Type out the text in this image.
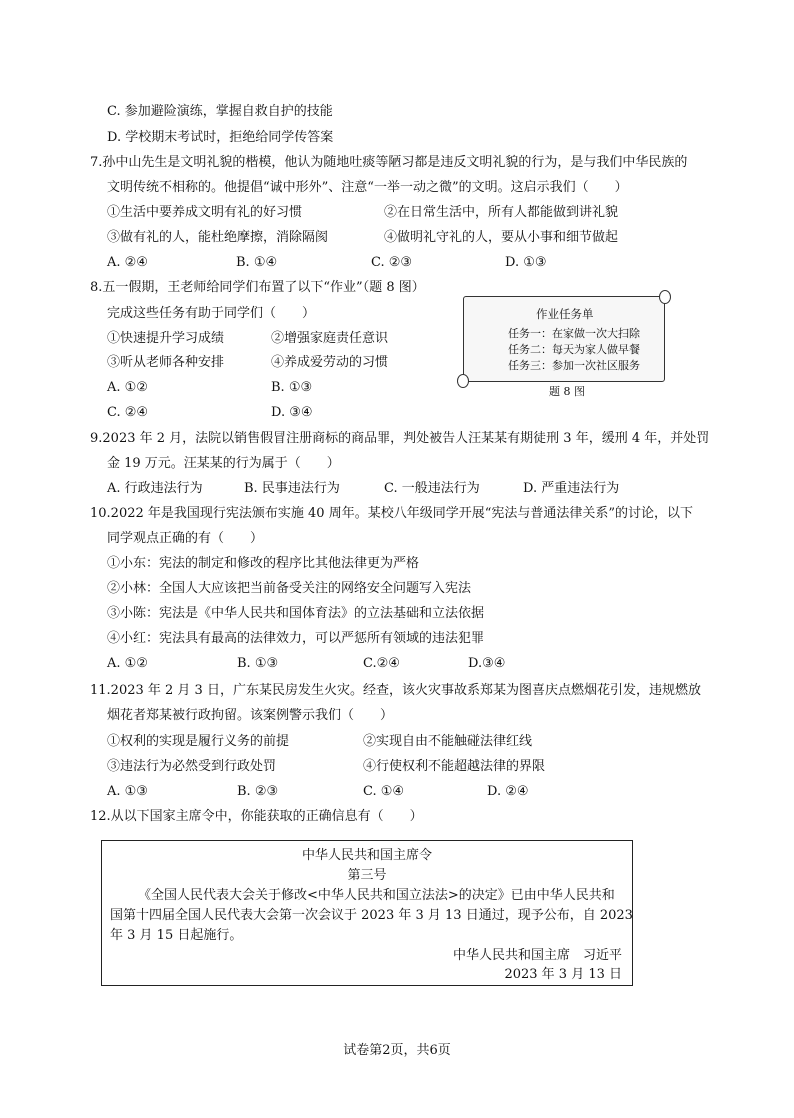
C. 参加避险演练，掌握自救自护的技能
D. 学校期末考试时，拒绝给同学传答案
7.孙中山先生是文明礼貌的楷模，他认为随地吐痰等陋习都是违反文明礼貌的行为，是与我们中华民族的
文明传统不相称的。他提倡“诚中形外”、注意“一举一动之微”的文明。这启示我们（　　）
①生活中要养成文明有礼的好习惯	②在日常生活中，所有人都能做到讲礼貌
③做有礼的人，能杜绝摩擦，消除隔阂	④做明礼守礼的人，要从小事和细节做起
A. ②④	B. ①④	C. ②③	D. ①③
8.五一假期，王老师给同学们布置了以下“作业”（题 8 图）
完成这些任务有助于同学们（　　）
①快速提升学习成绩	②增强家庭责任意识
③听从老师各种安排	④养成爱劳动的习惯
A. ①②	B. ①③
C. ②④	D. ③④
作业任务单
任务一：在家做一次大扫除
任务二：每天为家人做早餐
任务三：参加一次社区服务
题 8 图
9.2023 年 2 月，法院以销售假冒注册商标的商品罪，判处被告人汪某某有期徒刑 3 年，缓刑 4 年，并处罚
金 19 万元。汪某某的行为属于（　　）
A. 行政违法行为	B. 民事违法行为	C. 一般违法行为	D. 严重违法行为
10.2022 年是我国现行宪法颁布实施 40 周年。某校八年级同学开展“宪法与普通法律关系”的讨论，以下
同学观点正确的有（　　）
①小东：宪法的制定和修改的程序比其他法律更为严格
②小林：全国人大应该把当前备受关注的网络安全问题写入宪法
③小陈：宪法是《中华人民共和国体育法》的立法基础和立法依据
④小红：宪法具有最高的法律效力，可以严惩所有领域的违法犯罪
A. ①②	B. ①③	C.②④	D.③④
11.2023 年 2 月 3 日，广东某民房发生火灾。经查，该火灾事故系郑某为图喜庆点燃烟花引发，违规燃放
烟花者郑某被行政拘留。该案例警示我们（　　）
①权利的实现是履行义务的前提	②实现自由不能触碰法律红线
③违法行为必然受到行政处罚	④行使权利不能超越法律的界限
A. ①③	B. ②③	C. ①④	D. ②④
12.从以下国家主席令中，你能获取的正确信息有（　　）
中华人民共和国主席令
第三号
《全国人民代表大会关于修改<中华人民共和国立法法>的决定》已由中华人民共和
国第十四届全国人民代表大会第一次会议于 2023 年 3 月 13 日通过，现予公布，自 2023
年 3 月 15 日起施行。
中华人民共和国主席　习近平
2023 年 3 月 13 日
试卷第2页，共6页
